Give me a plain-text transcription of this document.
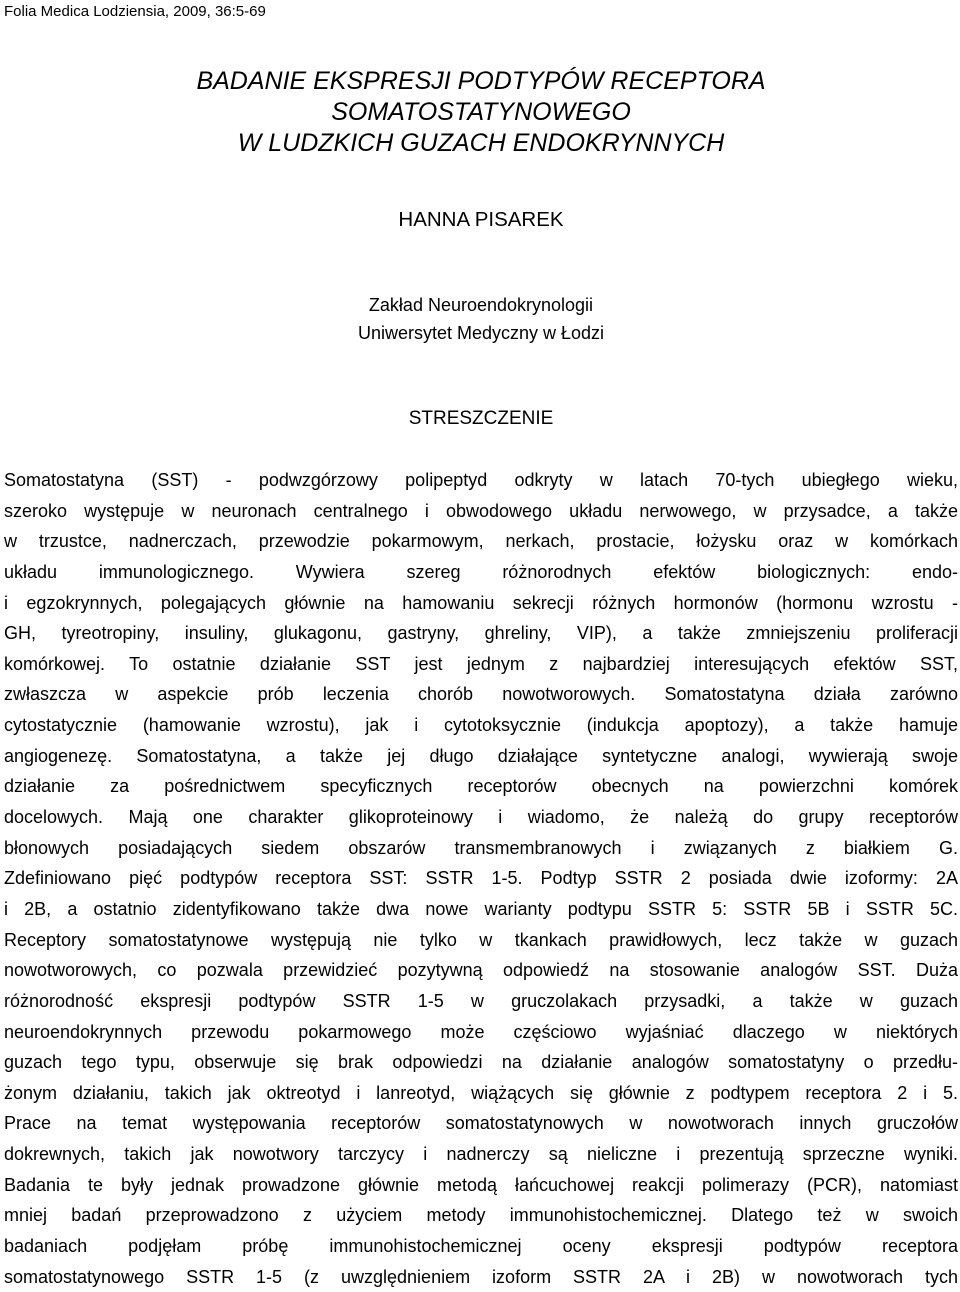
Folia Medica Lodziensia, 2009, 36:5-69
BADANIE EKSPRESJI PODTYPÓW RECEPTORA
SOMATOSTATYNOWEGO
W LUDZKICH GUZACH ENDOKRYNNYCH
HANNA PISAREK
Zakład Neuroendokrynologii
Uniwersytet Medyczny w Łodzi
STRESZCZENIE
Somatostatyna (SST) - podwzgórzowy polipeptyd odkryty w latach 70-tych ubiegłego wieku,
szeroko występuje w neuronach centralnego i obwodowego układu nerwowego, w przysadce, a także
w trzustce, nadnerczach, przewodzie pokarmowym, nerkach, prostacie, łożysku oraz w komórkach
układu immunologicznego. Wywiera szereg różnorodnych efektów biologicznych: endo-
i egzokrynnych, polegających głównie na hamowaniu sekrecji różnych hormonów (hormonu wzrostu -
GH, tyreotropiny, insuliny, glukagonu, gastryny, ghreliny, VIP), a także zmniejszeniu proliferacji
komórkowej. To ostatnie działanie SST jest jednym z najbardziej interesujących efektów SST,
zwłaszcza w aspekcie prób leczenia chorób nowotworowych. Somatostatyna działa zarówno
cytostatycznie (hamowanie wzrostu), jak i cytotoksycznie (indukcja apoptozy), a także hamuje
angiogenezę. Somatostatyna, a także jej długo działające syntetyczne analogi, wywierają swoje
działanie za pośrednictwem specyficznych receptorów obecnych na powierzchni komórek
docelowych. Mają one charakter glikoproteinowy i wiadomo, że należą do grupy receptorów
błonowych posiadających siedem obszarów transmembranowych i związanych z białkiem G.
Zdefiniowano pięć podtypów receptora SST: SSTR 1-5. Podtyp SSTR 2 posiada dwie izoformy: 2A
i 2B, a ostatnio zidentyfikowano także dwa nowe warianty podtypu SSTR 5: SSTR 5B i SSTR 5C.
Receptory somatostatynowe występują nie tylko w tkankach prawidłowych, lecz także w guzach
nowotworowych, co pozwala przewidzieć pozytywną odpowiedź na stosowanie analogów SST. Duża
różnorodność ekspresji podtypów SSTR 1-5 w gruczolakach przysadki, a także w guzach
neuroendokrynnych przewodu pokarmowego może częściowo wyjaśniać dlaczego w niektórych
guzach tego typu, obserwuje się brak odpowiedzi na działanie analogów somatostatyny o przedłu-
żonym działaniu, takich jak oktreotyd i lanreotyd, wiążących się głównie z podtypem receptora 2 i 5.
Prace na temat występowania receptorów somatostatynowych w nowotworach innych gruczołów
dokrewnych, takich jak nowotwory tarczycy i nadnerczy są nieliczne i prezentują sprzeczne wyniki.
Badania te były jednak prowadzone głównie metodą łańcuchowej reakcji polimerazy (PCR), natomiast
mniej badań przeprowadzono z użyciem metody immunohistochemicznej. Dlatego też w swoich
badaniach podjęłam próbę immunohistochemicznej oceny ekspresji podtypów receptora
somatostatynowego SSTR 1-5 (z uwzględnieniem izoform SSTR 2A i 2B) w nowotworach tych
